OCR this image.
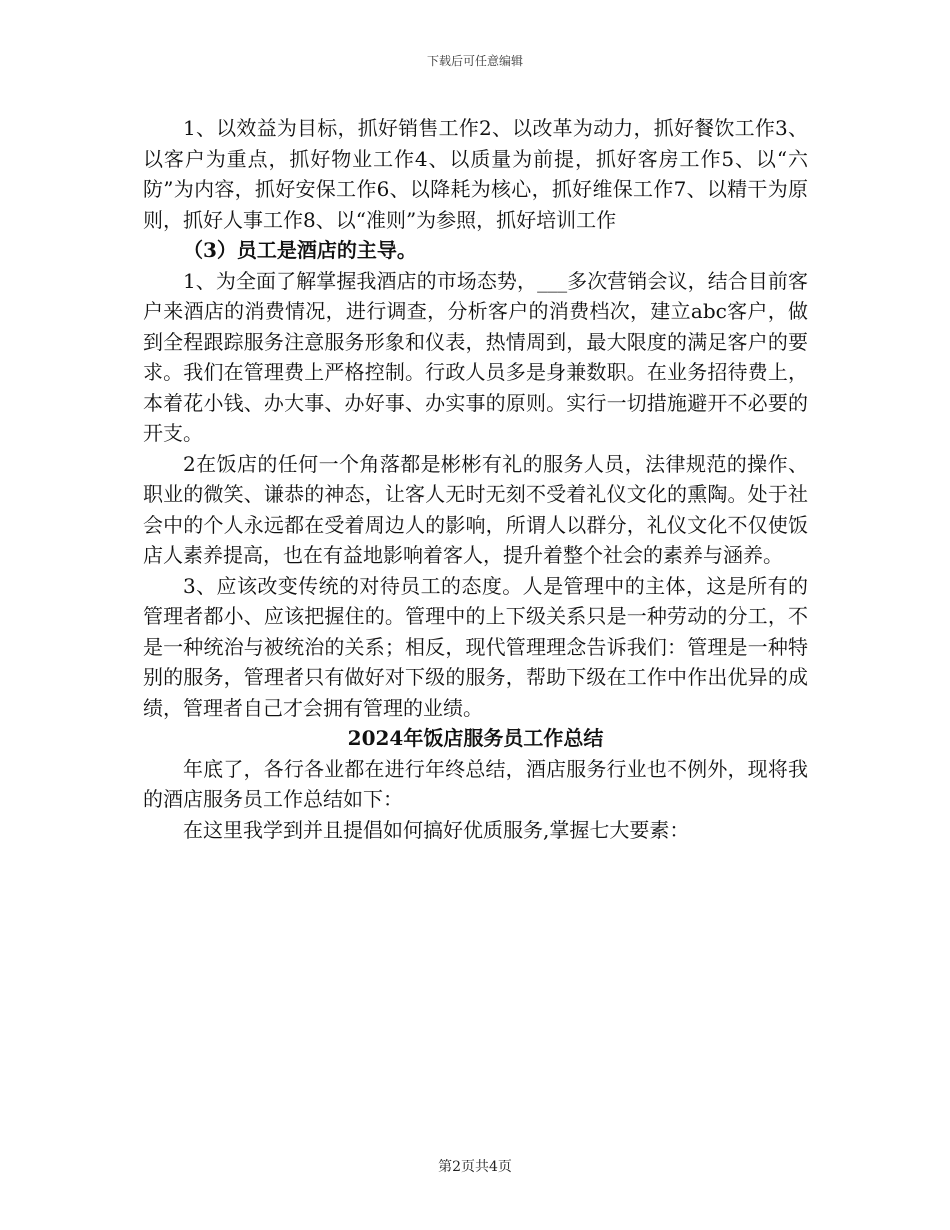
下载后可任意编辑

1、以效益为目标，抓好销售工作2、以改革为动力，抓好餐饮工作3、以客户为重点，抓好物业工作4、以质量为前提，抓好客房工作5、以“六防”为内容，抓好安保工作6、以降耗为核心，抓好维保工作7、以精干为原则，抓好人事工作8、以“准则”为参照，抓好培训工作

（3）员工是酒店的主导。

1、为全面了解掌握我酒店的市场态势，___多次营销会议，结合目前客户来酒店的消费情况，进行调查，分析客户的消费档次，建立abc客户，做到全程跟踪服务注意服务形象和仪表，热情周到，最大限度的满足客户的要求。我们在管理费上严格控制。行政人员多是身兼数职。在业务招待费上，本着花小钱、办大事、办好事、办实事的原则。实行一切措施避开不必要的开支。

2在饭店的任何一个角落都是彬彬有礼的服务人员，法律规范的操作、职业的微笑、谦恭的神态，让客人无时无刻不受着礼仪文化的熏陶。处于社会中的个人永远都在受着周边人的影响，所谓人以群分，礼仪文化不仅使饭店人素养提高，也在有益地影响着客人，提升着整个社会的素养与涵养。

3、应该改变传统的对待员工的态度。人是管理中的主体，这是所有的管理者都小、应该把握住的。管理中的上下级关系只是一种劳动的分工，不是一种统治与被统治的关系；相反，现代管理理念告诉我们：管理是一种特别的服务，管理者只有做好对下级的服务，帮助下级在工作中作出优异的成绩，管理者自己才会拥有管理的业绩。

2024年饭店服务员工作总结

年底了，各行各业都在进行年终总结，酒店服务行业也不例外，现将我的酒店服务员工作总结如下：

在这里我学到并且提倡如何搞好优质服务,掌握七大要素：

第2页共4页
